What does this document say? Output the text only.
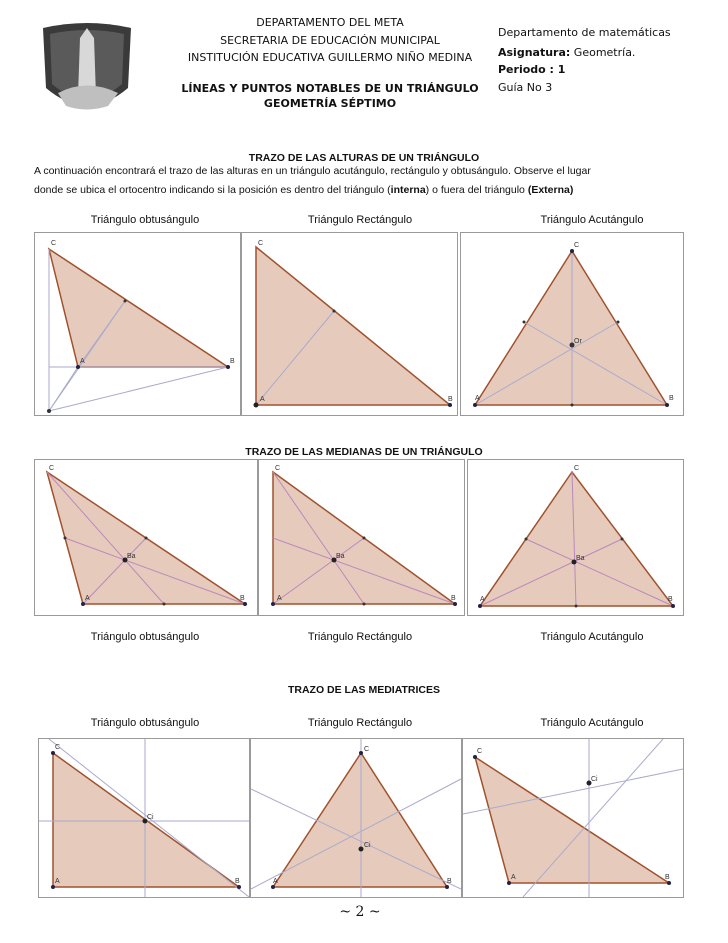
DEPARTAMENTO DEL META
SECRETARIA DE EDUCACIÓN MUNICIPAL
INSTITUCIÓN EDUCATIVA GUILLERMO NIÑO MEDINA
LÍNEAS Y PUNTOS NOTABLES DE UN TRIÁNGULO
GEOMETRÍA SÉPTIMO
Departamento de matemáticas
Asignatura: Geometría.
Periodo : 1
Guía No 3
TRAZO DE LAS ALTURAS DE UN TRIÁNGULO
A continuación encontrará el trazo de las alturas en un triángulo acutángulo, rectángulo y obtusángulo. Observe el lugar
donde se ubica el ortocentro indicando si la posición es dentro del triángulo (interna) o fuera del triángulo (Externa)
Triángulo obtusángulo	Triángulo Rectángulo	Triángulo Acutángulo
C
A	B
C
A	B
C
Or
A	B
TRAZO DE LAS MEDIANAS DE UN TRIÁNGULO
C
Ba
A	B
C
Ba
A	B
C
Ba
A	B
Triángulo obtusángulo	Triángulo Rectángulo	Triángulo Acutángulo
TRAZO DE LAS MEDIATRICES
Triángulo obtusángulo	Triángulo Rectángulo	Triángulo Acutángulo
C
Ci
A	B
C
Ci
A	B
C
Ci
A	B
~ 2 ~
